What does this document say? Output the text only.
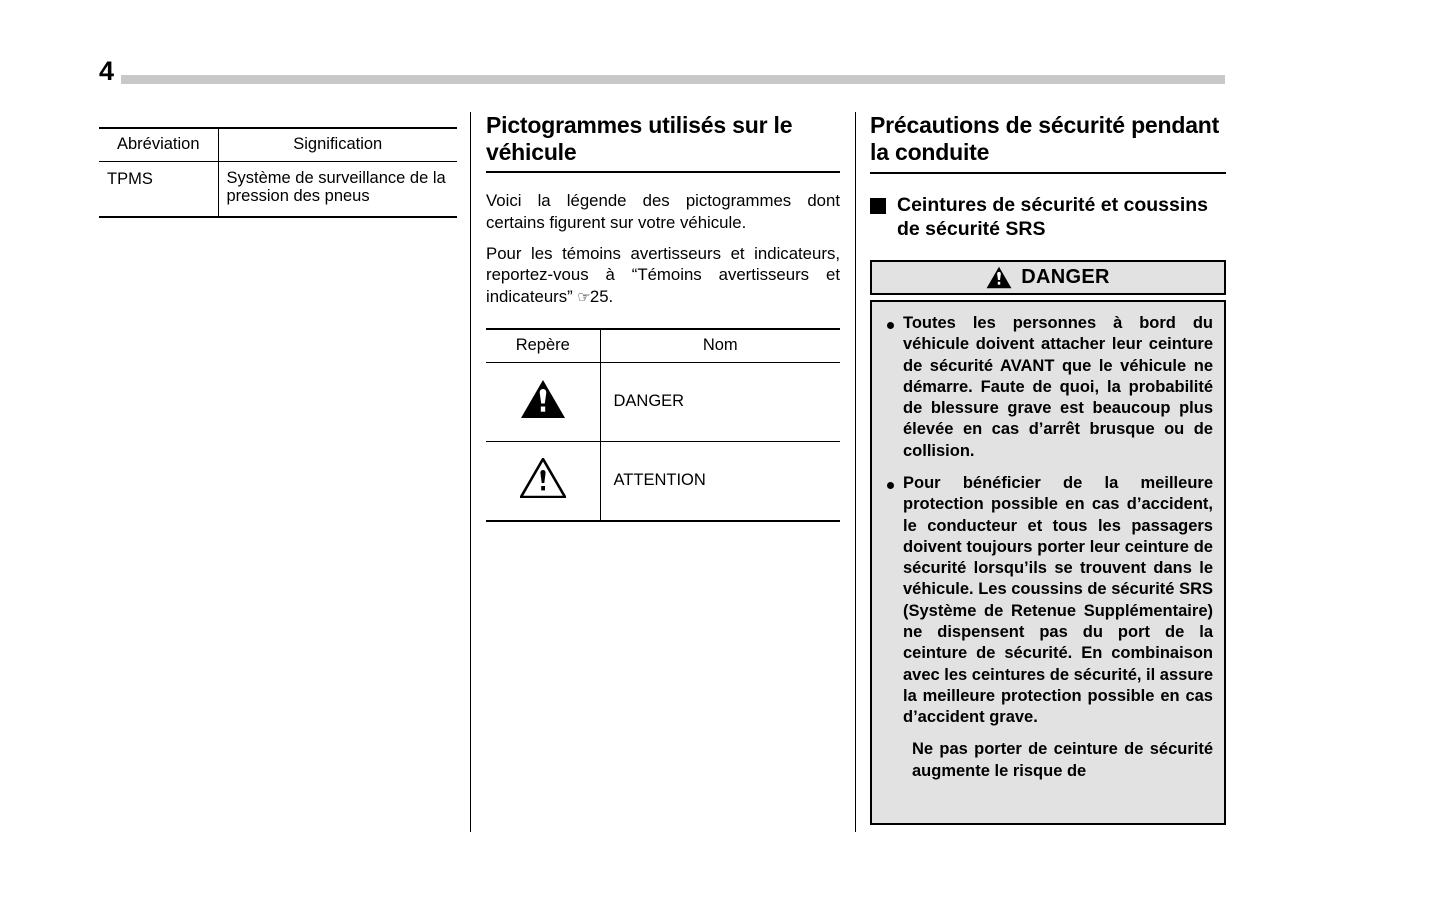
4
Abréviation	Signification
TPMS	Système de surveillance de la pression des pneus
Pictogrammes utilisés sur le véhicule

Voici la légende des pictogrammes dont certains figurent sur votre véhicule.

Pour les témoins avertisseurs et indicateurs, reportez-vous à “Témoins avertisseurs et indicateurs” ☞25.

Repère	Nom
	DANGER
	ATTENTION
Précautions de sécurité pendant la conduite
Ceintures de sécurité et coussins de sécurité SRS
DANGER
Toutes les personnes à bord du véhicule doivent attacher leur ceinture de sécurité AVANT que le véhicule ne démarre. Faute de quoi, la probabilité de blessure grave est beaucoup plus élevée en cas d’arrêt brusque ou de collision.
Pour bénéficier de la meilleure protection possible en cas d’accident, le conducteur et tous les passagers doivent toujours porter leur ceinture de sécurité lorsqu’ils se trouvent dans le véhicule. Les coussins de sécurité SRS (Système de Retenue Supplémentaire) ne dispensent pas du port de la ceinture de sécurité. En combinaison avec les ceintures de sécurité, il assure la meilleure protection possible en cas d’accident grave.
Ne pas porter de ceinture de sécurité augmente le risque de
